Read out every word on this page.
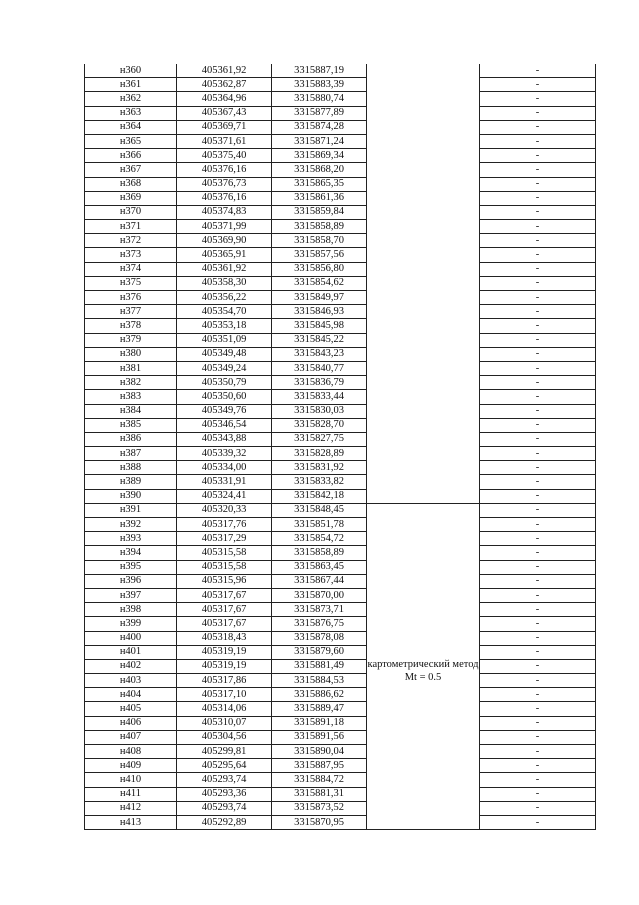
н360	405361,92	3315887,19		-
н361	405362,87	3315883,39		-
н362	405364,96	3315880,74		-
н363	405367,43	3315877,89		-
н364	405369,71	3315874,28		-
н365	405371,61	3315871,24		-
н366	405375,40	3315869,34		-
н367	405376,16	3315868,20		-
н368	405376,73	3315865,35		-
н369	405376,16	3315861,36		-
н370	405374,83	3315859,84		-
н371	405371,99	3315858,89		-
н372	405369,90	3315858,70		-
н373	405365,91	3315857,56		-
н374	405361,92	3315856,80		-
н375	405358,30	3315854,62		-
н376	405356,22	3315849,97		-
н377	405354,70	3315846,93		-
н378	405353,18	3315845,98		-
н379	405351,09	3315845,22		-
н380	405349,48	3315843,23		-
н381	405349,24	3315840,77		-
н382	405350,79	3315836,79		-
н383	405350,60	3315833,44		-
н384	405349,76	3315830,03		-
н385	405346,54	3315828,70		-
н386	405343,88	3315827,75		-
н387	405339,32	3315828,89		-
н388	405334,00	3315831,92		-
н389	405331,91	3315833,82		-
н390	405324,41	3315842,18		-
н391	405320,33	3315848,45	картометрический метод Mt = 0.5	-
н392	405317,76	3315851,78		-
н393	405317,29	3315854,72		-
н394	405315,58	3315858,89		-
н395	405315,58	3315863,45		-
н396	405315,96	3315867,44		-
н397	405317,67	3315870,00		-
н398	405317,67	3315873,71		-
н399	405317,67	3315876,75		-
н400	405318,43	3315878,08		-
н401	405319,19	3315879,60		-
н402	405319,19	3315881,49		-
н403	405317,86	3315884,53		-
н404	405317,10	3315886,62		-
н405	405314,06	3315889,47		-
н406	405310,07	3315891,18		-
н407	405304,56	3315891,56		-
н408	405299,81	3315890,04		-
н409	405295,64	3315887,95		-
н410	405293,74	3315884,72		-
н411	405293,36	3315881,31		-
н412	405293,74	3315873,52		-
н413	405292,89	3315870,95		-
